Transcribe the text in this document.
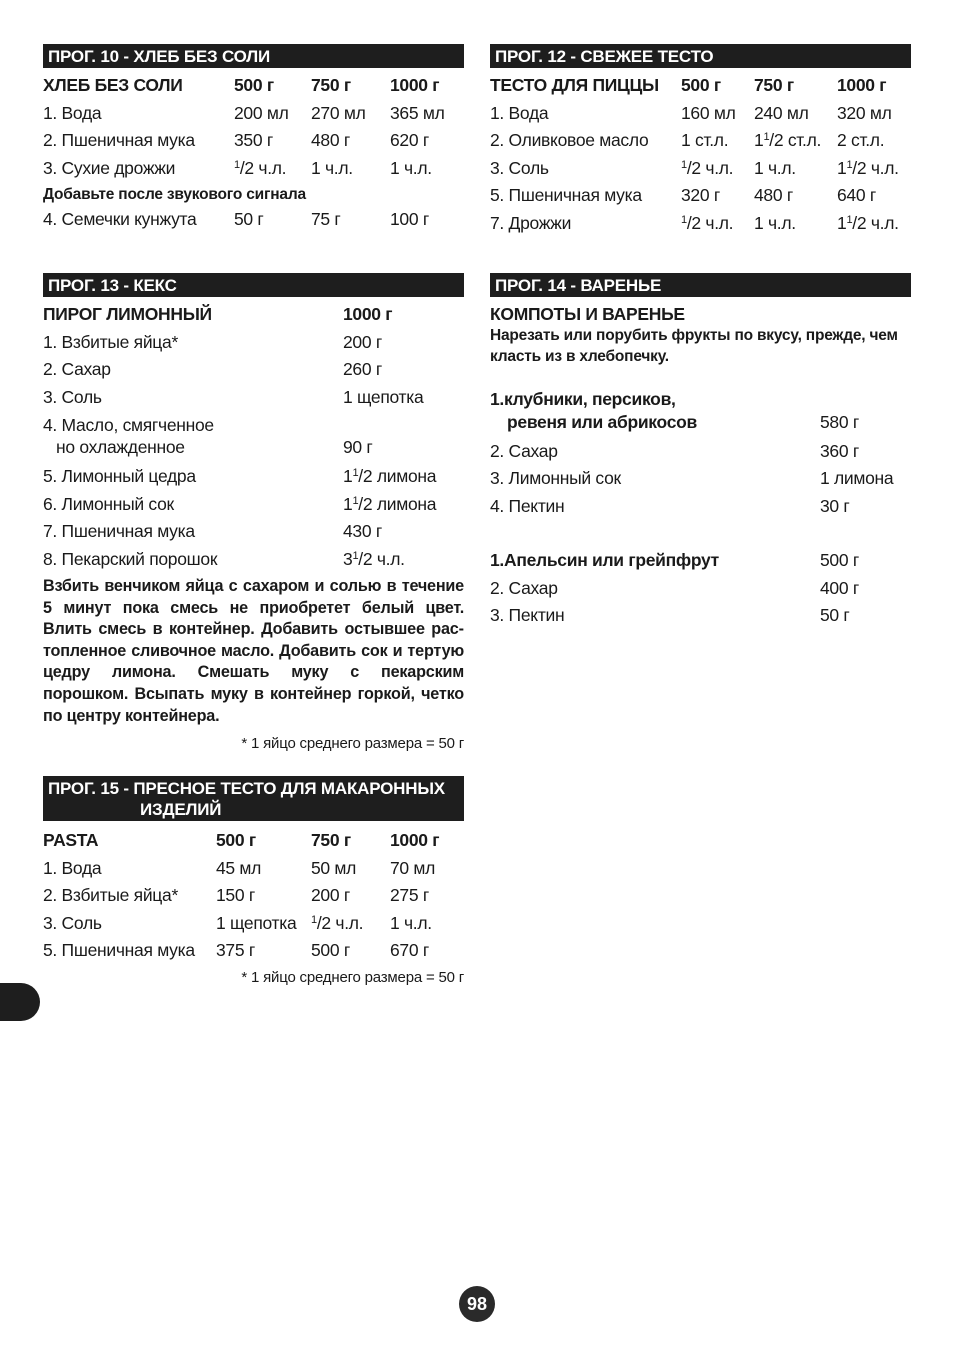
ПРОГ. 10 - ХЛЕБ БЕЗ СОЛИ
ХЛЕБ БЕЗ СОЛИ	500 г 750 г 1000 г
1. Вода	200 мл 270 мл 365 мл
2. Пшеничная мука 350 г 480 г 620 г
3. Сухие дрожжи	$^1$/2 ч.л. 1 ч.л. 1 ч.л.
Добавьте после звукового сигнала
4. Семечки кунжута 50 г	75 г	100 г
ПРОГ. 12 - СВЕЖЕЕ ТЕСТО
ТЕСТО ДЛЯ ПИЦЦЫ 500 г 750 г 1000 г
1. Вода	160 мл 240 мл 320 мл
2. Оливковое масло 1 ст.л. $1^1/2$ ст.л. 2 ст.л.
3. Соль	$^1$/2 ч.л. 1 ч.л. $1^1/2$ ч.л.
5. Пшеничная мука 320 г 480 г	640 г
7. Дрожжи	$^1$/2 ч.л. 1 ч.л. $1^1/2$ ч.л.
ПРОГ. 13 - КЕКС
ПИРОГ ЛИМОННЫЙ	1000 г
1. Взбитые яйца*	200 г
2. Сахар	260 г
3. Соль	1 щепотка
4. Масло, смягченное
но охлажденное	90 г
5. Лимонный цедра	$1^1/2$ лимона
6. Лимонный сок	$1^1/2$ лимона
7. Пшеничная мука	430 г
8. Пекарский порошок	$3^1/2$ ч.л.
Взбить венчиком яйца с сахаром и солью в течение 5 минут пока смесь не приобретет белый цвет. Влить смесь в контейнер. Добавить остывшее растопленное сливочное масло. Добавить сок и тертую цедру лимона. Смешать муку с пекарским порошком. Всыпать муку в контейнер горкой, четко по центру контейнера.
* 1 яйцо среднего размера = 50 г
ПРОГ. 14 - ВАРЕНЬЕ
КОМПОТЫ И ВАРЕНЬЕ
Нарезать или порубить фрукты по вкусу, прежде, чем класть из в хлебопечку.
1.клубники, персиков,
ревеня или абрикосов	580 г
2. Сахар	360 г
3. Лимонный сок	1 лимона
4. Пектин	30 г
1.Апельсин или грейпфрут	500 г
2. Сахар	400 г
3. Пектин	50 г
ПРОГ. 15 - ПРЕСНОЕ ТЕСТО ДЛЯ МАКАРОННЫХ
ИЗДЕЛИЙ
PASTA	500 г	750 г 1000 г
1. Вода	45 мл	50 мл 70 мл
2. Взбитые яйца* 150 г	200 г 275 г
3. Соль	1 щепотка $^1$/2 ч.л. 1 ч.л.
5. Пшеничная мука 375 г	500 г 670 г
* 1 яйцо среднего размера = 50 г
98
